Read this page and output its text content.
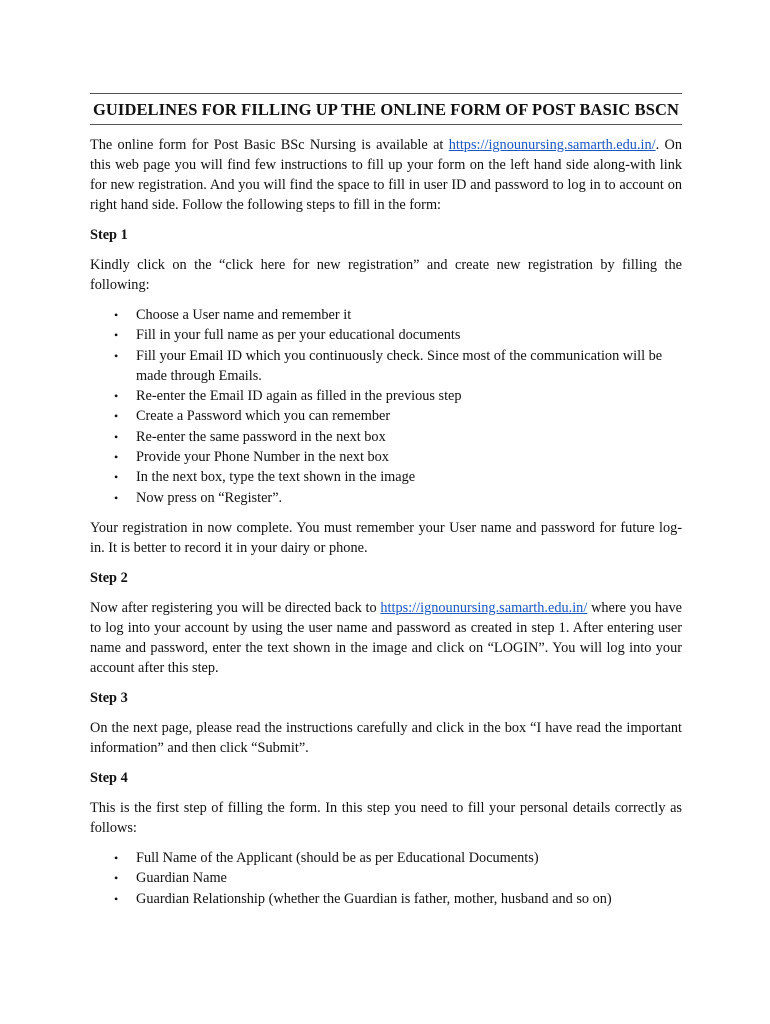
GUIDELINES FOR FILLING UP THE ONLINE FORM OF POST BASIC BSCN

The online form for Post Basic BSc Nursing is available at https://ignounursing.samarth.edu.in/. On this web page you will find few instructions to fill up your form on the left hand side along-with link for new registration. And you will find the space to fill in user ID and password to log in to account on right hand side. Follow the following steps to fill in the form:

Step 1

Kindly click on the “click here for new registration” and create new registration by filling the following:

• Choose a User name and remember it
• Fill in your full name as per your educational documents
• Fill your Email ID which you continuously check. Since most of the communication will be made through Emails.
• Re-enter the Email ID again as filled in the previous step
• Create a Password which you can remember
• Re-enter the same password in the next box
• Provide your Phone Number in the next box
• In the next box, type the text shown in the image
• Now press on “Register”.

Your registration in now complete. You must remember your User name and password for future log-in. It is better to record it in your dairy or phone.

Step 2

Now after registering you will be directed back to https://ignounursing.samarth.edu.in/ where you have to log into your account by using the user name and password as created in step 1. After entering user name and password, enter the text shown in the image and click on “LOGIN”. You will log into your account after this step.

Step 3

On the next page, please read the instructions carefully and click in the box “I have read the important information” and then click “Submit”.

Step 4

This is the first step of filling the form. In this step you need to fill your personal details correctly as follows:

• Full Name of the Applicant (should be as per Educational Documents)
• Guardian Name
• Guardian Relationship (whether the Guardian is father, mother, husband and so on)
